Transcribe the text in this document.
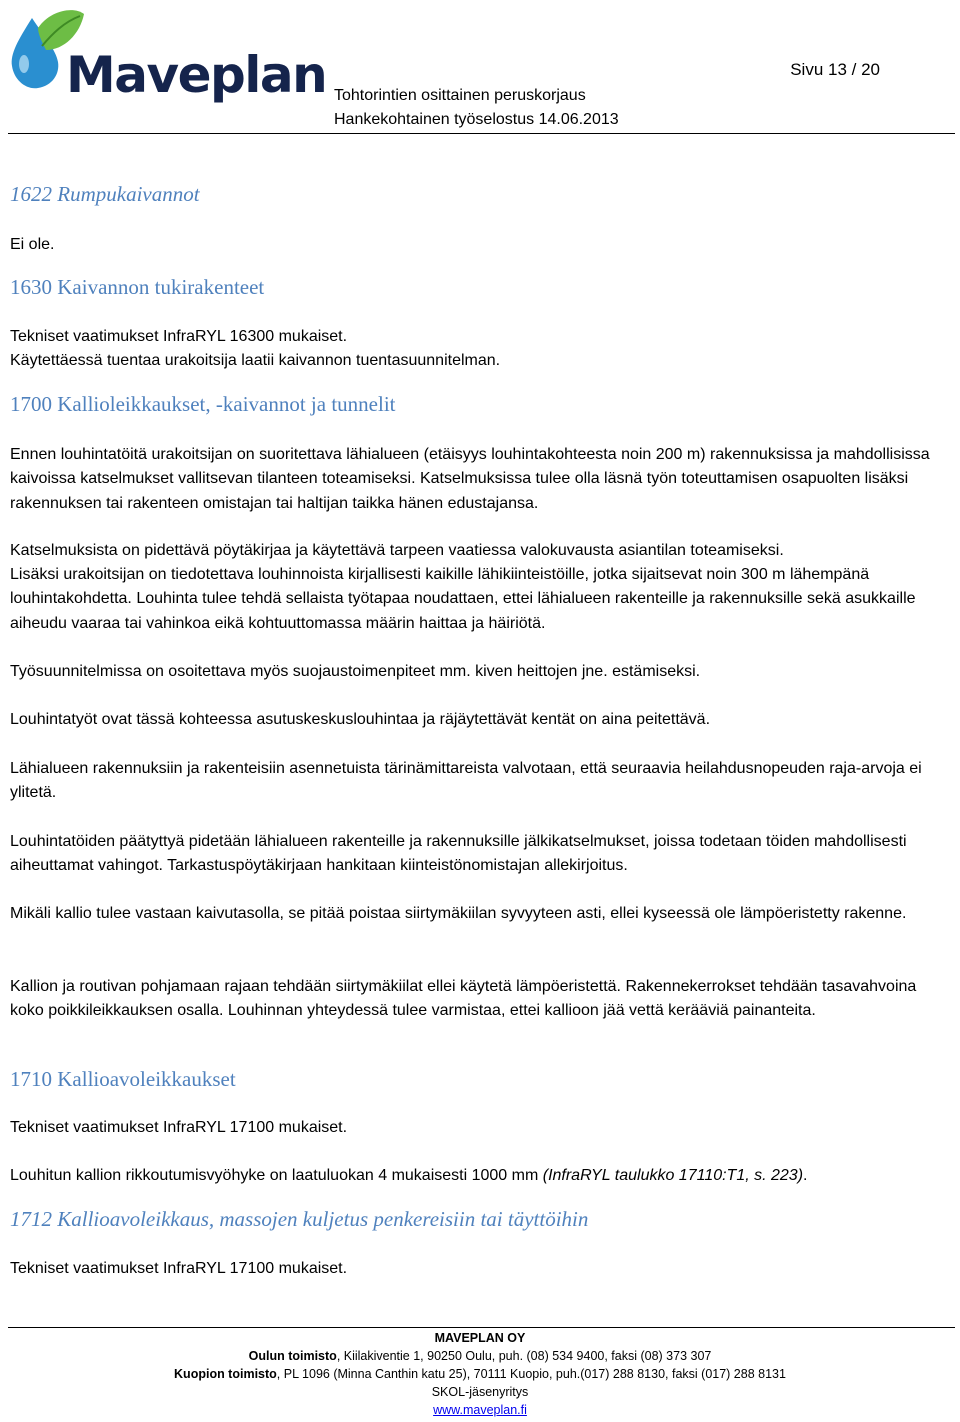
Maveplan	Sivu 13 / 20
Tohtorintien osittainen peruskorjaus
Hankekohtainen työselostus 14.06.2013
1622 Rumpukaivannot

Ei ole.

1630 Kaivannon tukirakenteet

Tekniset vaatimukset InfraRYL 16300 mukaiset.

Käytettäessä tuentaa urakoitsija laatii kaivannon tuentasuunnitelman.

1700 Kallioleikkaukset, -kaivannot ja tunnelit

Ennen louhintatöitä urakoitsijan on suoritettava lähialueen (etäisyys louhintakohteesta noin 200 m) rakennuksissa ja mahdollisissa kaivoissa katselmukset vallitsevan tilanteen toteamiseksi. Katselmuksissa tulee olla läsnä työn toteuttamisen osapuolten lisäksi rakennuksen tai rakenteen omistajan tai haltijan taikka hänen edustajansa.

Katselmuksista on pidettävä pöytäkirjaa ja käytettävä tarpeen vaatiessa valokuvausta asiantilan toteamiseksi.

Lisäksi urakoitsijan on tiedotettava louhinnoista kirjallisesti kaikille lähikiinteistöille, jotka sijaitsevat noin 300 m lähempänä louhintakohdetta. Louhinta tulee tehdä sellaista työtapaa noudattaen, ettei lähialueen rakenteille ja rakennuksille sekä asukkaille aiheudu vaaraa tai vahinkoa eikä kohtuuttomassa määrin haittaa ja häiriötä.

Työsuunnitelmissa on osoitettava myös suojaustoimenpiteet mm. kiven heittojen jne. estämiseksi.

Louhintatyöt ovat tässä kohteessa asutuskeskuslouhintaa ja räjäytettävät kentät on aina peitettävä.

Lähialueen rakennuksiin ja rakenteisiin asennetuista tärinämittareista valvotaan, että seuraavia heilahdusnopeuden raja-arvoja ei ylitetä.

Louhintatöiden päätyttyä pidetään lähialueen rakenteille ja rakennuksille jälkikatselmukset, joissa todetaan töiden mahdollisesti aiheuttamat vahingot. Tarkastuspöytäkirjaan hankitaan kiinteistönomistajan allekirjoitus.

Mikäli kallio tulee vastaan kaivutasolla, se pitää poistaa siirtymäkiilan syvyyteen asti, ellei kyseessä ole lämpöeristetty rakenne.

Kallion ja routivan pohjamaan rajaan tehdään siirtymäkiilat ellei käytetä lämpöeristettä. Rakennekerrokset tehdään tasavahvoina koko poikkileikkauksen osalla. Louhinnan yhteydessä tulee varmistaa, ettei kallioon jää vettä kerääviä painanteita.

1710 Kallioavoleikkaukset

Tekniset vaatimukset InfraRYL 17100 mukaiset.

Louhitun kallion rikkoutumisvyöhyke on laatuluokan 4 mukaisesti 1000 mm (InfraRYL taulukko 17110:T1, s. 223).

1712 Kallioavoleikkaus, massojen kuljetus penkereisiin tai täyttöihin

Tekniset vaatimukset InfraRYL 17100 mukaiset.

MAVEPLAN OY
Oulun toimisto, Kiilakiventie 1, 90250 Oulu, puh. (08) 534 9400, faksi (08) 373 307
Kuopion toimisto, PL 1096 (Minna Canthin katu 25), 70111 Kuopio, puh.(017) 288 8130, faksi (017) 288 8131
SKOL-jäsenyritys
www.maveplan.fi
